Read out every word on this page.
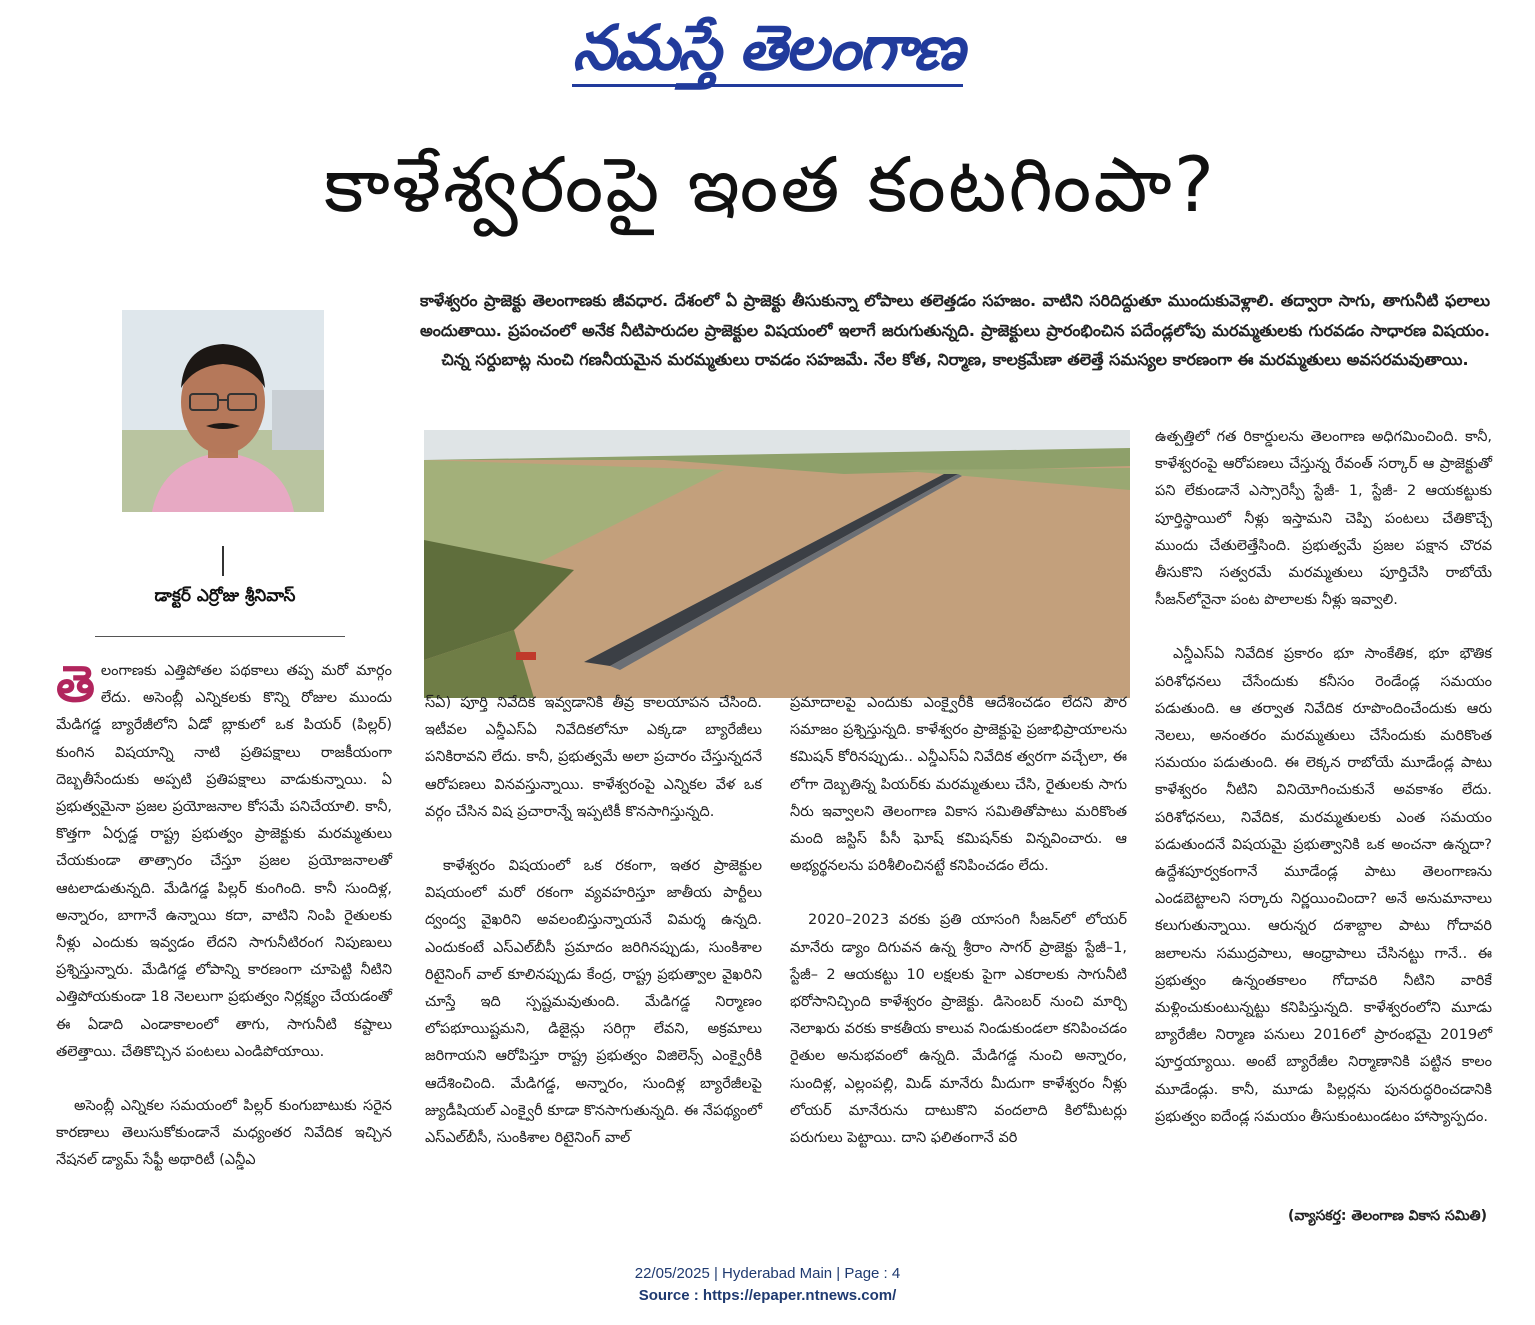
నమస్తే తెలంగాణ
కాళేశ్వరంపై ఇంత కంటగింపా?
కాళేశ్వరం ప్రాజెక్టు తెలంగాణకు జీవధార. దేశంలో ఏ ప్రాజెక్టు తీసుకున్నా లోపాలు తలెత్తడం సహజం. వాటిని సరిదిద్దుతూ ముందుకువెళ్లాలి. తద్వారా సాగు, తాగునీటి ఫలాలు అందుతాయి. ప్రపంచంలో అనేక నీటిపారుదల ప్రాజెక్టుల విషయంలో ఇలాగే జరుగుతున్నది. ప్రాజెక్టులు ప్రారంభించిన పదేండ్లలోపు మరమ్మతులకు గురవడం సాధారణ విషయం. చిన్న సర్దుబాట్ల నుంచి గణనీయమైన మరమ్మతులు రావడం సహజమే. నేల కోత, నిర్మాణ, కాలక్రమేణా తలెత్తే సమస్యల కారణంగా ఈ మరమ్మతులు అవసరమవుతాయి.
డాక్టర్ ఎర్రోజు శ్రీనివాస్

తెలంగాణకు ఎత్తిపోతల పథకాలు తప్ప మరో మార్గం లేదు. అసెంబ్లీ ఎన్నికలకు కొన్ని రోజుల ముందు మేడిగడ్డ బ్యారేజీలోని ఏడో బ్లాకులో ఒక పియర్ (పిల్లర్) కుంగిన విషయాన్ని నాటి ప్రతిపక్షాలు రాజకీయంగా దెబ్బతీసేందుకు అప్పటి ప్రతిపక్షాలు వాడుకున్నాయి. ఏ ప్రభుత్వమైనా ప్రజల ప్రయోజనాల కోసమే పనిచేయాలి. కానీ, కొత్తగా ఏర్పడ్డ రాష్ట్ర ప్రభుత్వం ప్రాజెక్టుకు మరమ్మతులు చేయకుండా తాత్సారం చేస్తూ ప్రజల ప్రయోజనాలతో ఆటలాడుతున్నది. మేడిగడ్డ పిల్లర్ కుంగింది. కానీ సుందిళ్ల, అన్నారం, బాగానే ఉన్నాయి కదా, వాటిని నింపి రైతులకు నీళ్లు ఎందుకు ఇవ్వడం లేదని సాగునీటిరంగ నిపుణులు ప్రశ్నిస్తున్నారు. మేడిగడ్డ లోపాన్ని కారణంగా చూపెట్టి నీటిని ఎత్తిపోయకుండా 18 నెలలుగా ప్రభుత్వం నిర్లక్ష్యం చేయడంతో ఈ ఏడాది ఎండాకాలంలో తాగు, సాగునీటి కష్టాలు తలెత్తాయి. చేతికొచ్చిన పంటలు ఎండిపోయాయి.

అసెంబ్లీ ఎన్నికల సమయంలో పిల్లర్ కుంగుబాటుకు సరైన కారణాలు తెలుసుకోకుండానే మధ్యంతర నివేదిక ఇచ్చిన నేషనల్ డ్యామ్ సేఫ్టీ అథారిటీ (ఎన్డీఎ

స్‌ఏ) పూర్తి నివేదిక ఇవ్వడానికి తీవ్ర కాలయాపన చేసింది. ఇటీవల ఎన్డీఎస్ఏ నివేదికలోనూ ఎక్కడా బ్యారేజీలు పనికిరావని లేదు. కానీ, ప్రభుత్వమే అలా ప్రచారం చేస్తున్నదనే ఆరోపణలు వినవస్తున్నాయి. కాళేశ్వరంపై ఎన్నికల వేళ ఒక వర్గం చేసిన విష ప్రచారాన్నే ఇప్పటికీ కొనసాగిస్తున్నది.

కాళేశ్వరం విషయంలో ఒక రకంగా, ఇతర ప్రాజెక్టుల విషయంలో మరో రకంగా వ్యవహరిస్తూ జాతీయ పార్టీలు ద్వంద్వ వైఖరిని అవలంబిస్తున్నాయనే విమర్శ ఉన్నది. ఎందుకంటే ఎస్ఎల్‌బీసీ ప్రమాదం జరిగినప్పుడు, సుంకిశాల రిటైనింగ్ వాల్ కూలినప్పుడు కేంద్ర, రాష్ట్ర ప్రభుత్వాల వైఖరిని చూస్తే ఇది స్పష్టమవుతుంది. మేడిగడ్డ నిర్మాణం లోపభూయిష్టమని, డిజైన్లు సరిగ్గా లేవని, అక్రమాలు జరిగాయని ఆరోపిస్తూ రాష్ట్ర ప్రభుత్వం విజిలెన్స్ ఎంక్వైరీకి ఆదేశించింది. మేడిగడ్డ, అన్నారం, సుందిళ్ల బ్యారేజీలపై జ్యుడీషియల్ ఎంక్వైరీ కూడా కొనసాగుతున్నది. ఈ నేపథ్యంలో ఎస్ఎల్‌బీసీ, సుంకిశాల రిటైనింగ్ వాల్

ప్రమాదాలపై ఎందుకు ఎంక్వైరీకి ఆదేశించడం లేదని పౌర సమాజం ప్రశ్నిస్తున్నది. కాళేశ్వరం ప్రాజెక్టుపై ప్రజాభిప్రాయాలను కమిషన్ కోరినప్పుడు.. ఎన్డీఎస్ఏ నివేదిక త్వరగా వచ్చేలా, ఈ లోగా దెబ్బతిన్న పియర్‌కు మరమ్మతులు చేసి, రైతులకు సాగు నీరు ఇవ్వాలని తెలంగాణ వికాస సమితితోపాటు మరికొంత మంది జస్టిస్ పీసీ ఘోష్ కమిషన్‌కు విన్నవించారు. ఆ అభ్యర్థనలను పరిశీలించినట్టే కనిపించడం లేదు.

2020–2023 వరకు ప్రతి యాసంగి సీజన్‌లో లోయర్ మానేరు డ్యాం దిగువన ఉన్న శ్రీరాం సాగర్ ప్రాజెక్టు స్టేజీ–1, స్టేజీ– 2 ఆయకట్టు 10 లక్షలకు పైగా ఎకరాలకు సాగునీటి భరోసానిచ్చింది కాళేశ్వరం ప్రాజెక్టు. డిసెంబర్ నుంచి మార్చి నెలాఖరు వరకు కాకతీయ కాలువ నిండుకుండలా కనిపించడం రైతుల అనుభవంలో ఉన్నది. మేడిగడ్డ నుంచి అన్నారం, సుందిళ్ల, ఎల్లంపల్లి, మిడ్ మానేరు మీదుగా కాళేశ్వరం నీళ్లు లోయర్ మానేరును దాటుకొని వందలాది కిలోమీటర్లు పరుగులు పెట్టాయి. దాని ఫలితంగానే వరి

ఉత్పత్తిలో గత రికార్డులను తెలంగాణ అధిగమించింది. కానీ, కాళేశ్వరంపై ఆరోపణలు చేస్తున్న రేవంత్ సర్కార్ ఆ ప్రాజెక్టుతో పని లేకుండానే ఎస్సారెస్పీ స్టేజీ- 1, స్టేజీ- 2 ఆయకట్టుకు పూర్తిస్థాయిలో నీళ్లు ఇస్తామని చెప్పి పంటలు చేతికొచ్చే ముందు చేతులెత్తేసింది. ప్రభుత్వమే ప్రజల పక్షాన చొరవ తీసుకొని సత్వరమే మరమ్మతులు పూర్తిచేసి రాబోయే సీజన్‌లోనైనా పంట పొలాలకు నీళ్లు ఇవ్వాలి.

ఎన్డీఎస్ఏ నివేదిక ప్రకారం భూ సాంకేతిక, భూ భౌతిక పరిశోధనలు చేసేందుకు కనీసం రెండేండ్ల సమయం పడుతుంది. ఆ తర్వాత నివేదిక రూపొందించేందుకు ఆరు నెలలు, అనంతరం మరమ్మతులు చేసేందుకు మరికొంత సమయం పడుతుంది. ఈ లెక్కన రాబోయే మూడేండ్ల పాటు కాళేశ్వరం నీటిని వినియోగించుకునే అవకాశం లేదు. పరిశోధనలు, నివేదిక, మరమ్మతులకు ఎంత సమయం పడుతుందనే విషయమై ప్రభుత్వానికి ఒక అంచనా ఉన్నదా? ఉద్దేశపూర్వకంగానే మూడేండ్ల పాటు తెలంగాణను ఎండబెట్టాలని సర్కారు నిర్ణయించిందా? అనే అనుమానాలు కలుగుతున్నాయి. ఆరున్నర దశాబ్దాల పాటు గోదావరి జలాలను సముద్రపాలు, ఆంధ్రాపాలు చేసినట్టు గానే.. ఈ ప్రభుత్వం ఉన్నంతకాలం గోదావరి నీటిని వారికే మళ్లించుకుంటున్నట్టు కనిపిస్తున్నది. కాళేశ్వరంలోని మూడు బ్యారేజీల నిర్మాణ పనులు 2016లో ప్రారంభమై 2019లో పూర్తయ్యాయి. అంటే బ్యారేజీల నిర్మాణానికి పట్టిన కాలం మూడేండ్లు. కానీ, మూడు పిల్లర్లను పునరుద్ధరించడానికి ప్రభుత్వం ఐదేండ్ల సమయం తీసుకుంటుండటం హాస్యాస్పదం.

(వ్యాసకర్త: తెలంగాణ వికాస సమితి)
22/05/2025 | Hyderabad Main | Page : 4
Source : https://epaper.ntnews.com/
